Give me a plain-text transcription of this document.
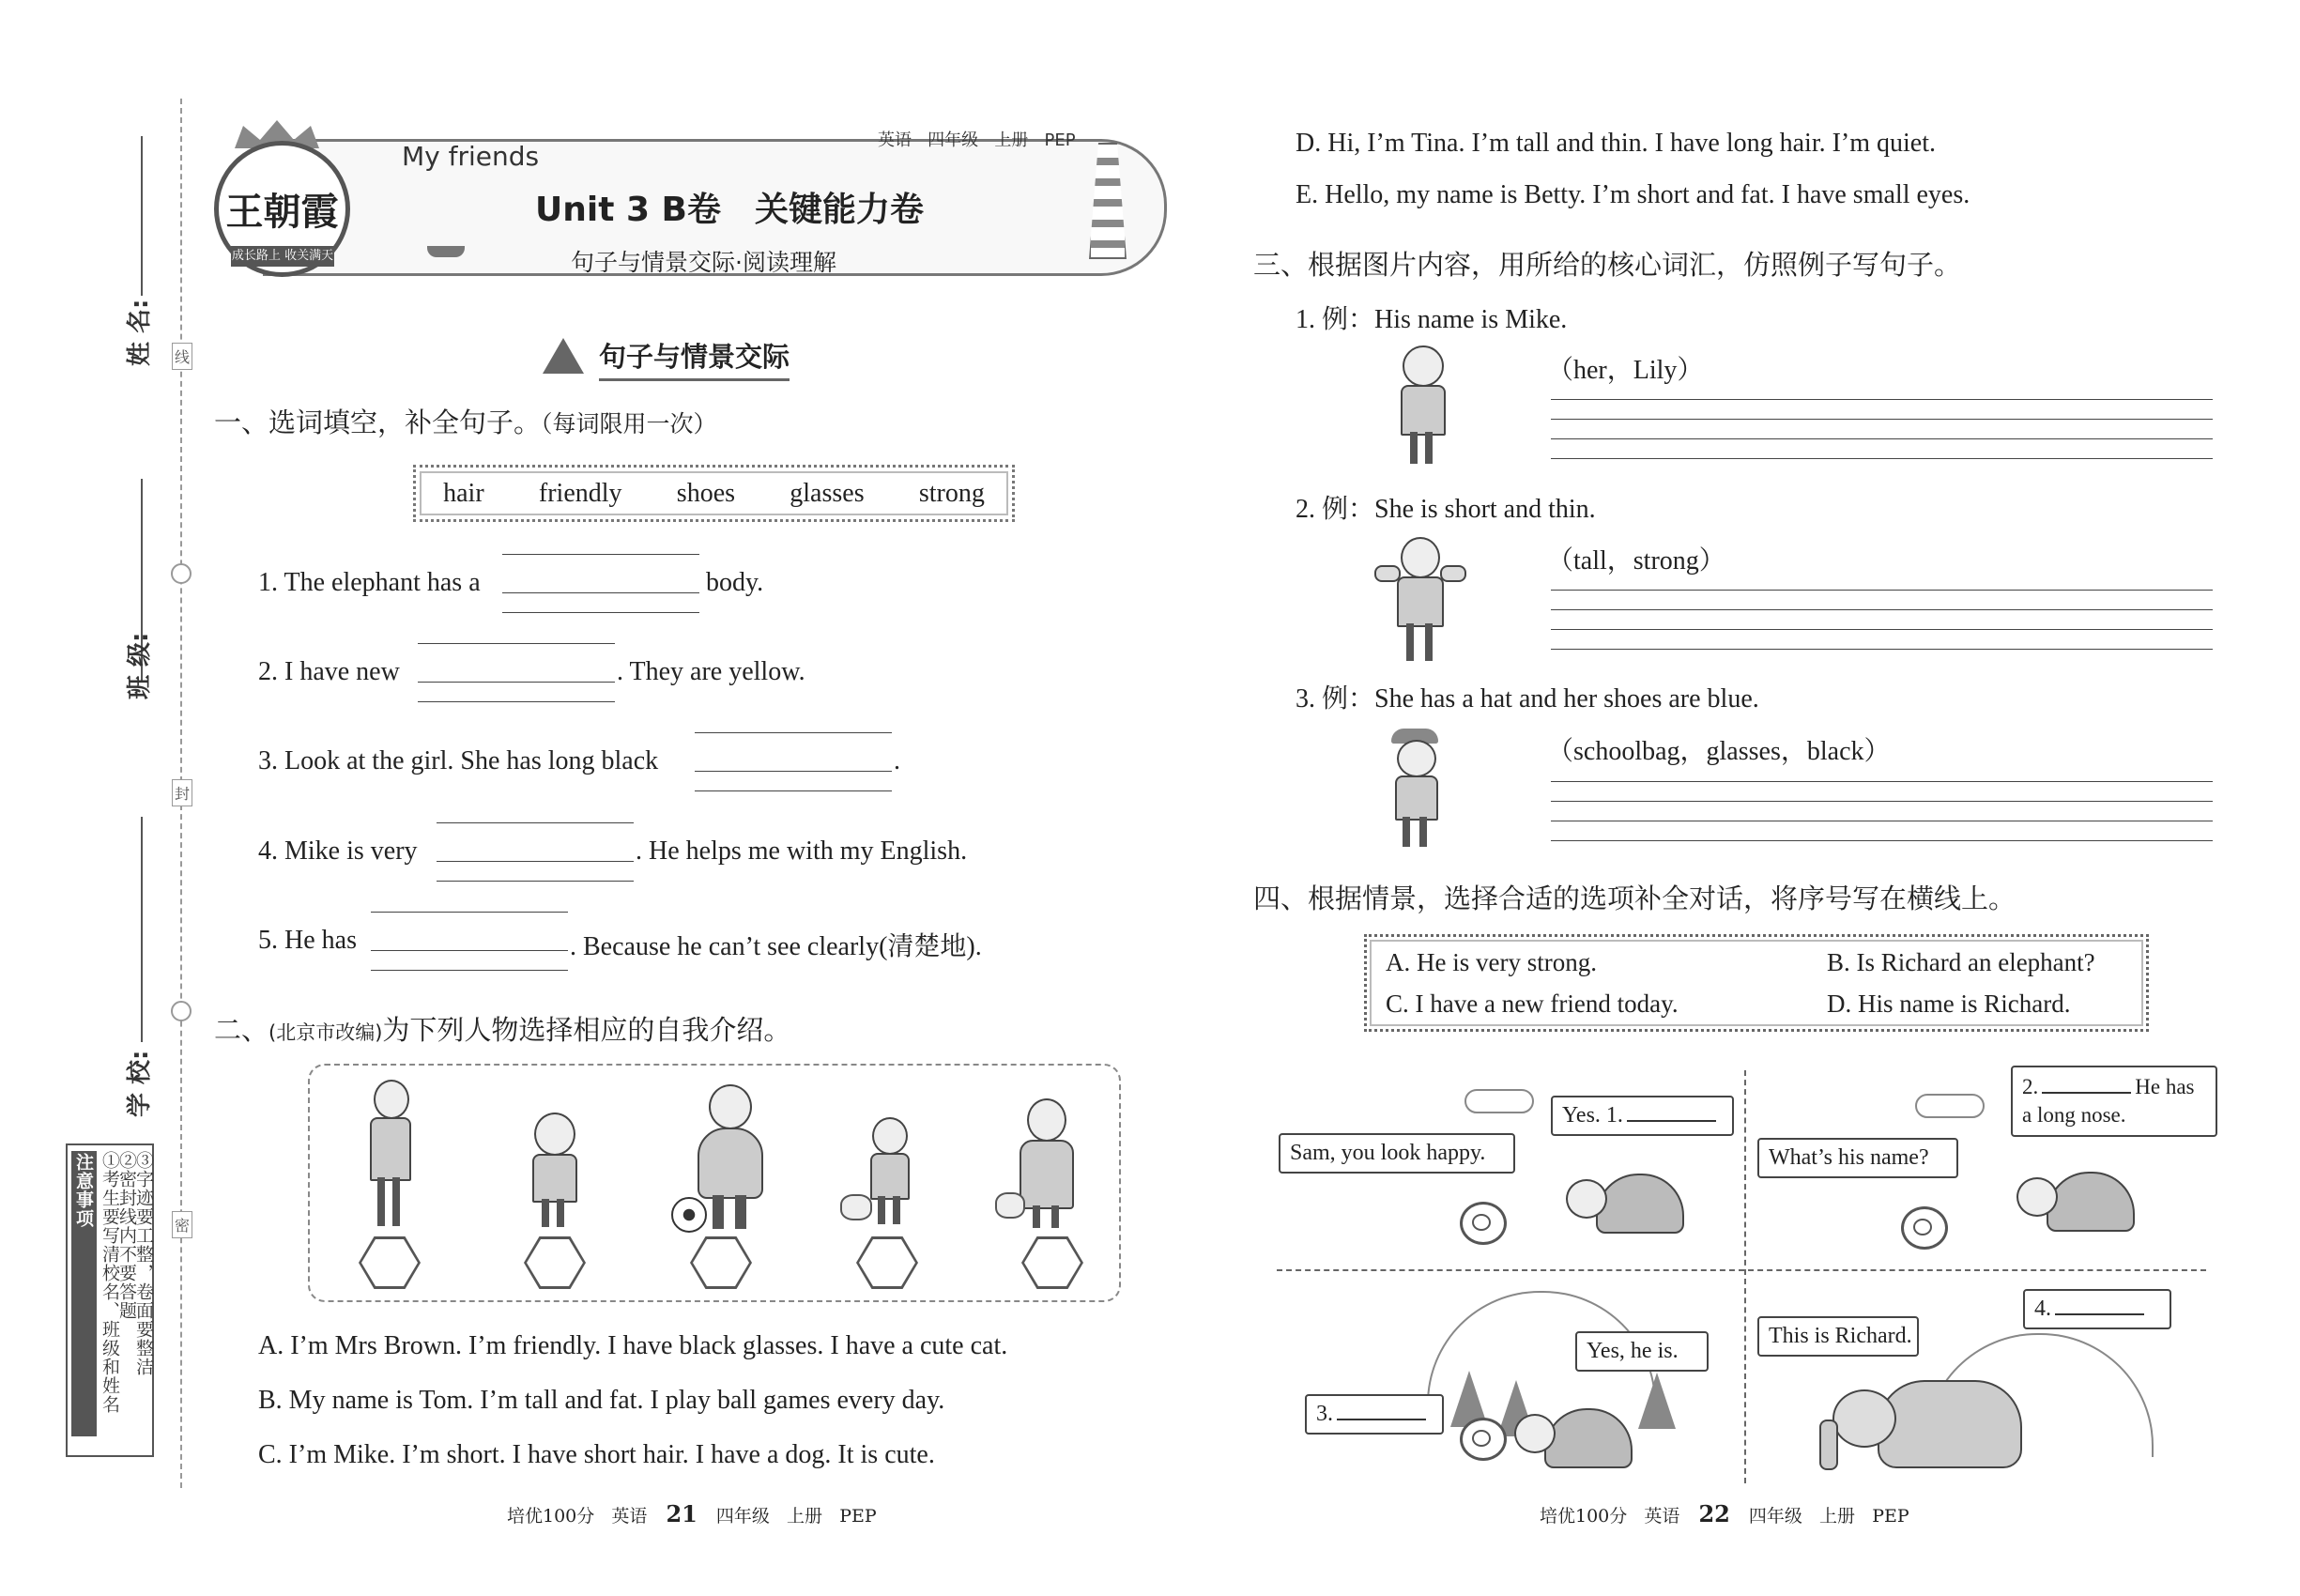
姓 名:
班 级:
学 校:
线
封
密
注意事项 ①考生要写清校名、班级和姓名
②密封线内不要答题
③字迹要工整，卷面要整洁
王朝霞
成长路上 收关满天
My friends
英语 四年级 上册 PEP
Unit 3 B卷　关键能力卷
句子与情景交际·阅读理解
句子与情景交际
一、选词填空，补全句子。（每词限用一次）
hair friendly shoes glasses strong
1. The elephant has a	body.
2. I have new	. They are yellow.
3. Look at the girl. She has long black	.
4. Mike is very	. He helps me with my English.
5. He has	. Because he can’t see clearly(清楚地).
二、(北京市改编)为下列人物选择相应的自我介绍。
A. I’m Mrs Brown. I’m friendly. I have black glasses. I have a cute cat.
B. My name is Tom. I’m tall and fat. I play ball games every day.
C. I’m Mike. I’m short. I have short hair. I have a dog. It is cute.
培优100分 英语 21 四年级 上册 PEP
D. Hi, I’m Tina. I’m tall and thin. I have long hair. I’m quiet.
E. Hello, my name is Betty. I’m short and fat. I have small eyes.
三、根据图片内容，用所给的核心词汇，仿照例子写句子。
1. 例：His name is Mike.
（her，Lily）
2. 例：She is short and thin.
（tall，strong）
3. 例：She has a hat and her shoes are blue.
（schoolbag，glasses，black）
四、根据情景，选择合适的选项补全对话，将序号写在横线上。
A. He is very strong.	B. Is Richard an elephant?
C. I have a new friend today.	D. His name is Richard.
Sam, you look happy.
Yes. 1.
What’s his name?
2.	He has
a long nose.
Yes, he is.
3.
This is Richard.
4.
培优100分 英语 22 四年级 上册 PEP
